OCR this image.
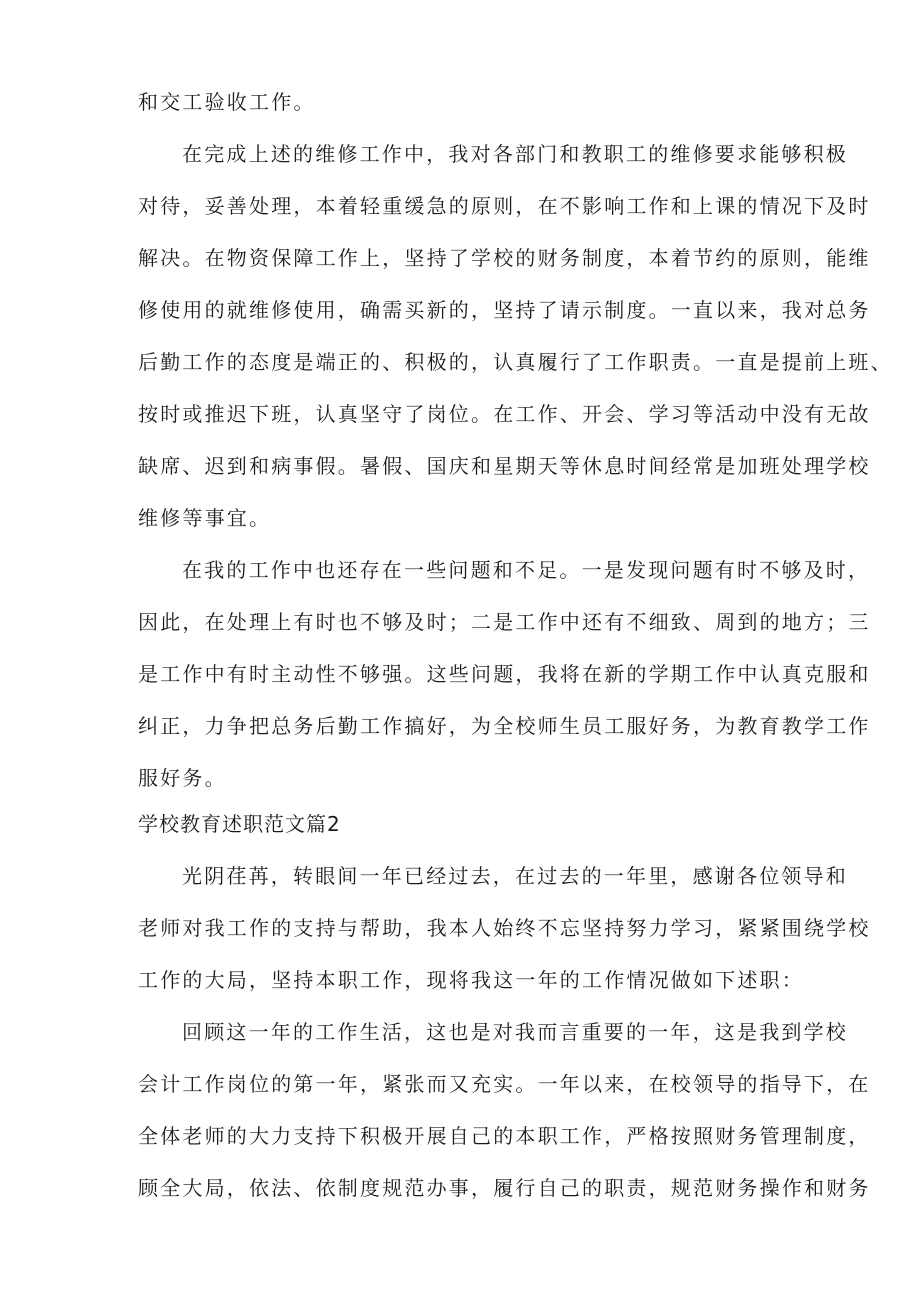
和交工验收工作。

在完成上述的维修工作中，我对各部门和教职工的维修要求能够积极

对待，妥善处理，本着轻重缓急的原则，在不影响工作和上课的情况下及时

解决。在物资保障工作上，坚持了学校的财务制度，本着节约的原则，能维

修使用的就维修使用，确需买新的，坚持了请示制度。一直以来，我对总务

后勤工作的态度是端正的、积极的，认真履行了工作职责。一直是提前上班、

按时或推迟下班，认真坚守了岗位。在工作、开会、学习等活动中没有无故

缺席、迟到和病事假。暑假、国庆和星期天等休息时间经常是加班处理学校

维修等事宜。

在我的工作中也还存在一些问题和不足。一是发现问题有时不够及时，

因此，在处理上有时也不够及时；二是工作中还有不细致、周到的地方；三

是工作中有时主动性不够强。这些问题，我将在新的学期工作中认真克服和

纠正，力争把总务后勤工作搞好，为全校师生员工服好务，为教育教学工作

服好务。

学校教育述职范文篇2

光阴荏苒，转眼间一年已经过去，在过去的一年里，感谢各位领导和

老师对我工作的支持与帮助，我本人始终不忘坚持努力学习，紧紧围绕学校

工作的大局，坚持本职工作，现将我这一年的工作情况做如下述职：

回顾这一年的工作生活，这也是对我而言重要的一年，这是我到学校

会计工作岗位的第一年，紧张而又充实。一年以来，在校领导的指导下，在

全体老师的大力支持下积极开展自己的本职工作，严格按照财务管理制度，

顾全大局，依法、依制度规范办事，履行自己的职责，规范财务操作和财务
